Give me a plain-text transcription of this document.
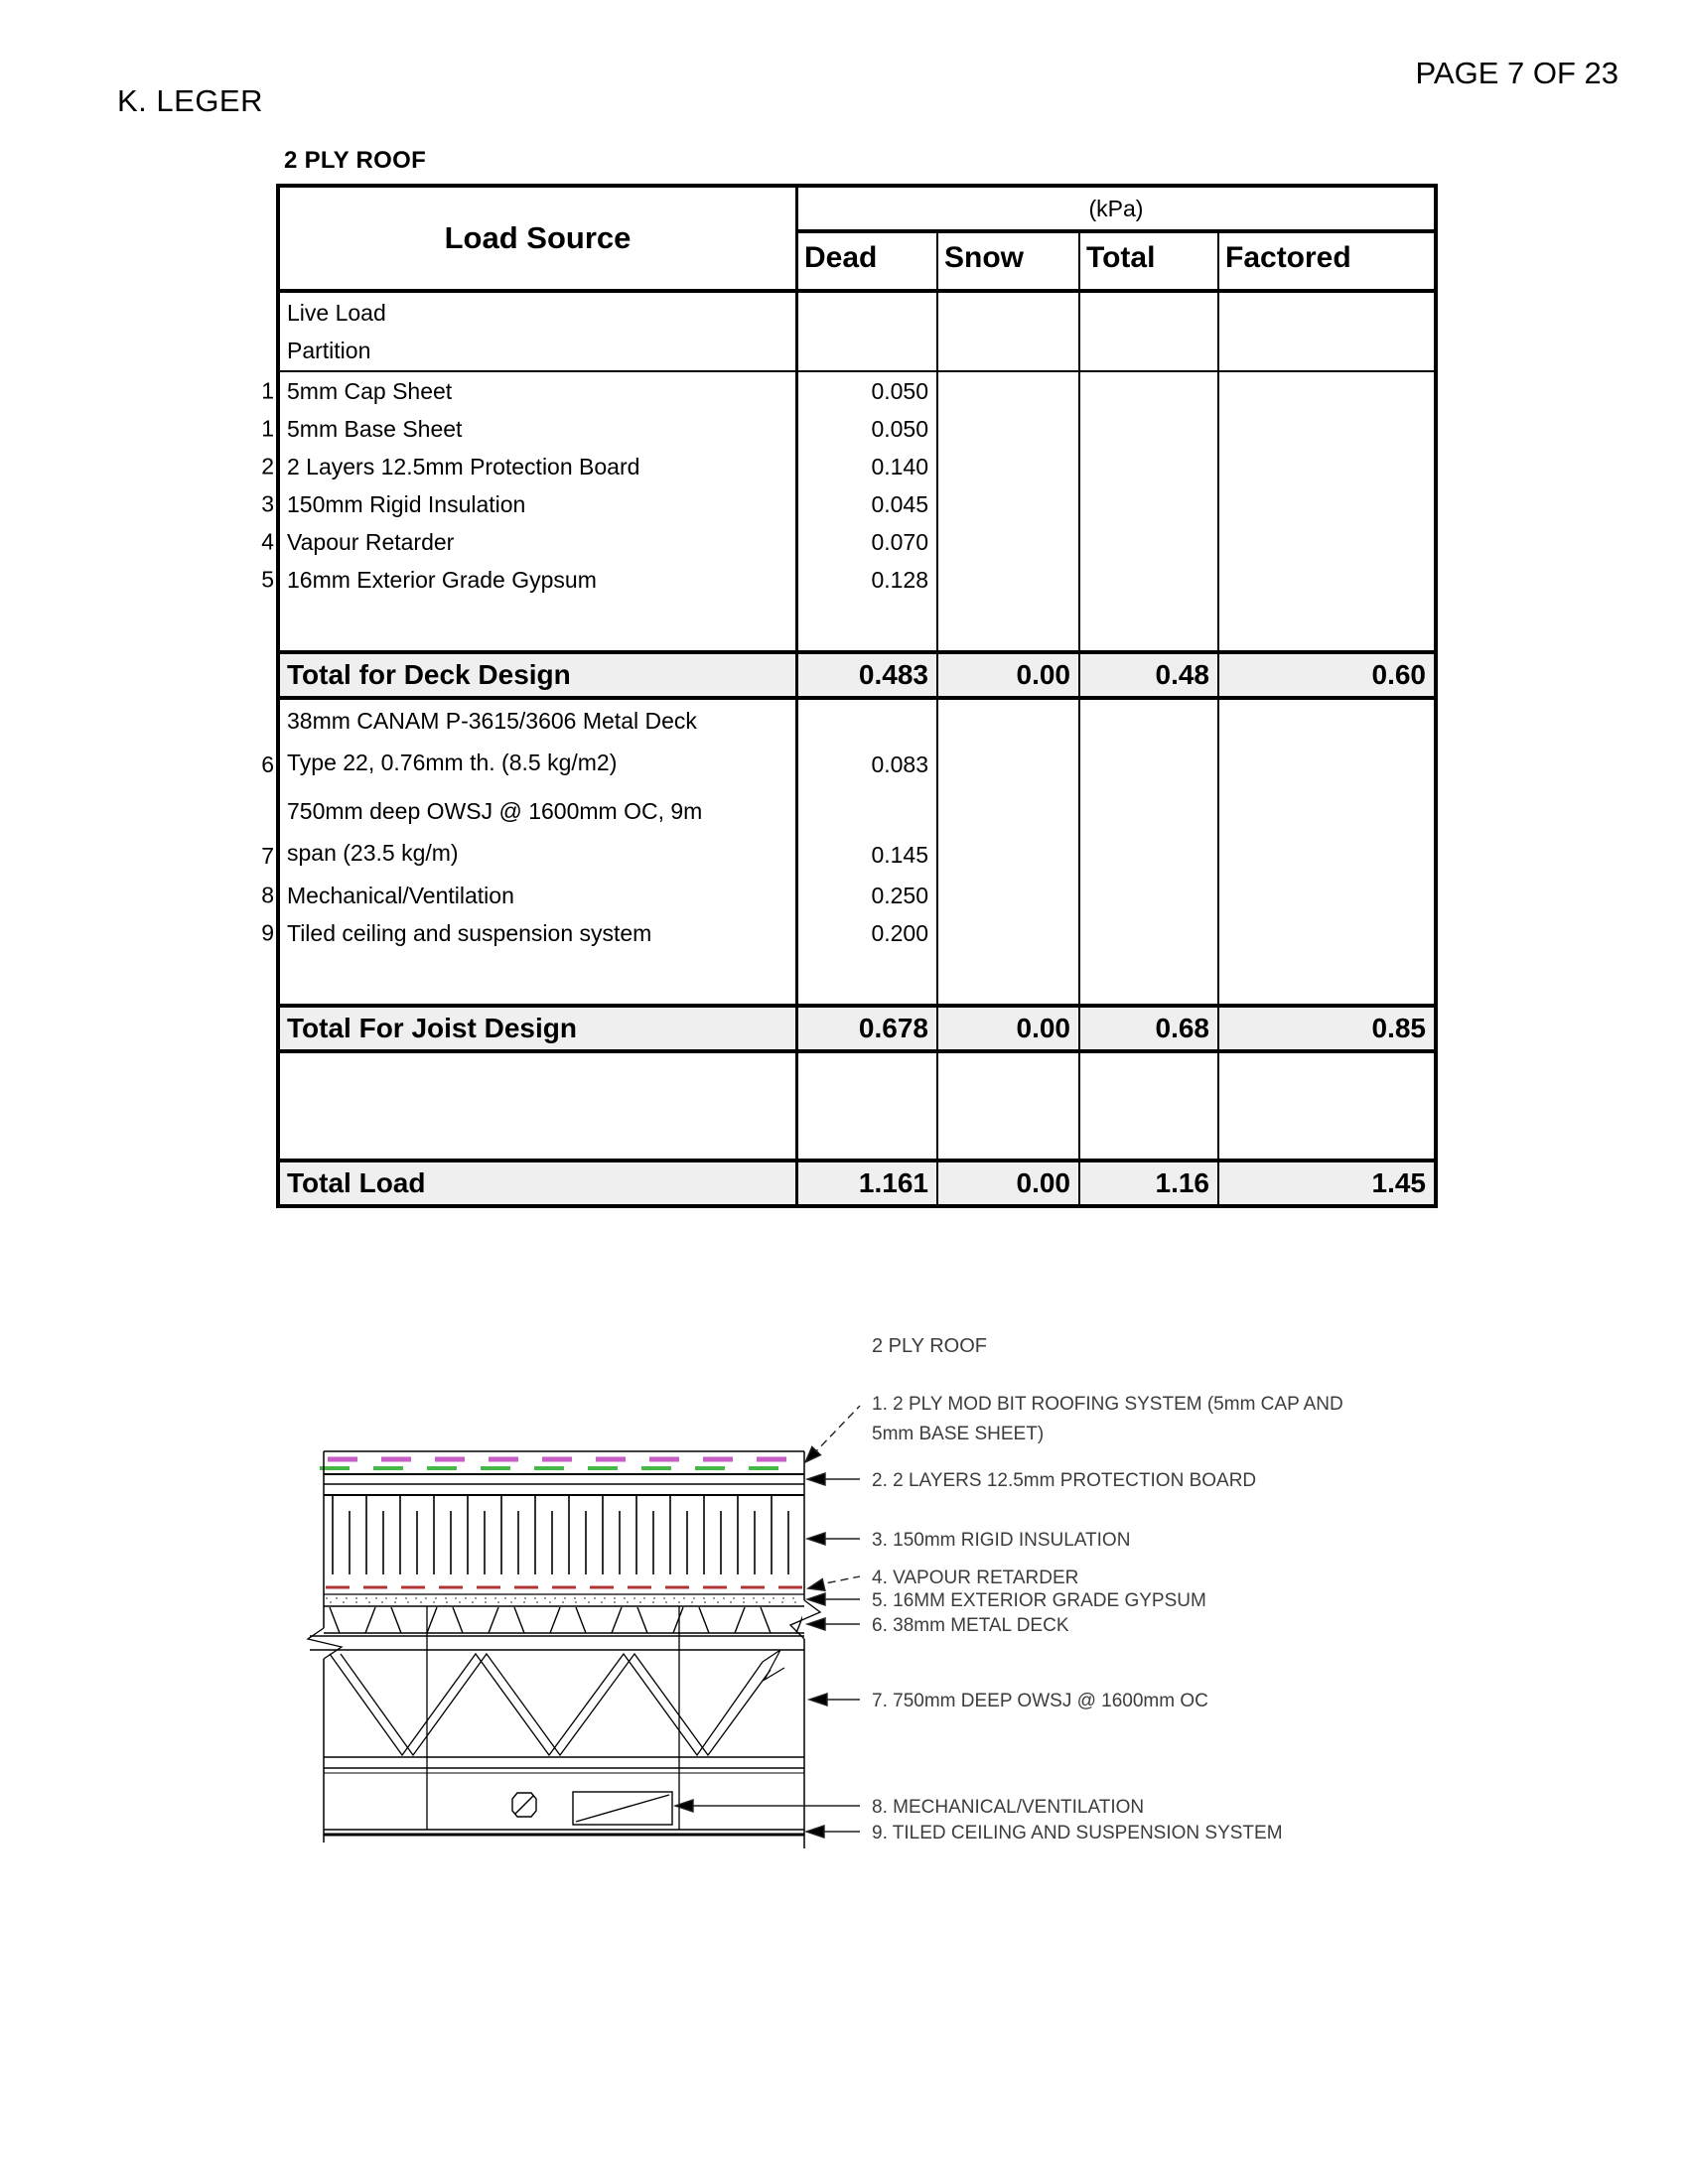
K. LEGER
PAGE 7 OF 23
2 PLY ROOF
Load Source
(kPa)
Dead	Snow	Total	Factored
Live Load
Partition
1 5mm Cap Sheet	0.050
1 5mm Base Sheet	0.050
2 2 Layers 12.5mm Protection Board	0.140
3 150mm Rigid Insulation	0.045
4 Vapour Retarder	0.070
5 16mm Exterior Grade Gypsum	0.128
Total for Deck Design	0.483	0.00	0.48	0.60
6
38mm CANAM P-3615/3606 Metal Deck
Type 22, 0.76mm th. (8.5 kg/m2)	0.083
7
750mm deep OWSJ @ 1600mm OC, 9m
span (23.5 kg/m)	0.145
8 Mechanical/Ventilation	0.250
9 Tiled ceiling and suspension system	0.200
Total For Joist Design	0.678	0.00	0.68	0.85
Total Load	1.161	0.00	1.16	1.45
2 PLY ROOF
1. 2 PLY MOD BIT ROOFING SYSTEM (5mm CAP AND
5mm BASE SHEET)
2. 2 LAYERS 12.5mm PROTECTION BOARD
3. 150mm RIGID INSULATION
4. VAPOUR RETARDER
5. 16MM EXTERIOR GRADE GYPSUM
6. 38mm METAL DECK
7. 750mm DEEP OWSJ @ 1600mm OC
8. MECHANICAL/VENTILATION
9. TILED CEILING AND SUSPENSION SYSTEM
